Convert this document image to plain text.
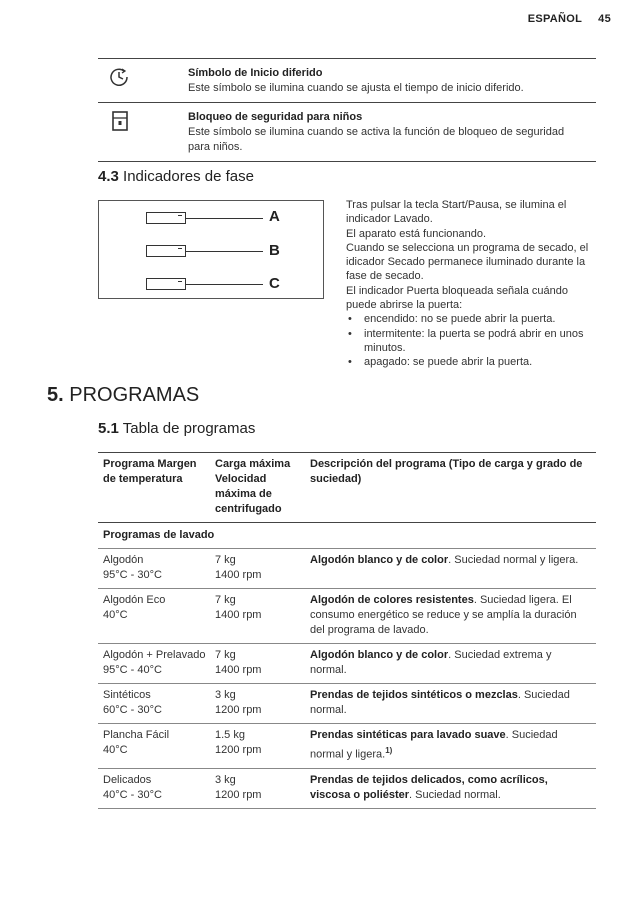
ESPAÑOL 45
Símbolo de Inicio diferido

Este símbolo se ilumina cuando se ajusta el tiempo de inicio diferido.

Bloqueo de seguridad para niños

Este símbolo se ilumina cuando se activa la función de bloqueo de seguridad para niños.

4.3 Indicadores de fase
A
B
C

Tras pulsar la tecla Start/Pausa, se ilumina el indicador Lavado.

El aparato está funcionando.

Cuando se selecciona un programa de secado, el idicador Secado permanece iluminado durante la fase de secado.

El indicador Puerta bloqueada señala cuándo puede abrirse la puerta:

• encendido: no se puede abrir la puerta.
• intermitente: la puerta se podrá abrir en unos minutos.
• apagado: se puede abrir la puerta.
5. PROGRAMAS
5.1 Tabla de programas
Programa Margen de temperatura
Carga máxima Velocidad máxima de centrifugado
Descripción del programa (Tipo de carga y grado de suciedad)
Programas de lavado
Algodón
95°C - 30°C
7 kg
1400 rpm
Algodón blanco y de color. Suciedad normal y ligera.
Algodón Eco
40°C
7 kg
1400 rpm
Algodón de colores resistentes. Suciedad ligera. El consumo energético se reduce y se amplía la duración del programa de lavado.
Algodón + Prelavado
95°C - 40°C
7 kg
1400 rpm
Algodón blanco y de color. Suciedad extrema y normal.
Sintéticos
60°C - 30°C
3 kg
1200 rpm
Prendas de tejidos sintéticos o mezclas. Suciedad normal.
Plancha Fácil
40°C
1.5 kg
1200 rpm
Prendas sintéticas para lavado suave. Suciedad normal y ligera.$^{1)}$
Delicados
40°C - 30°C
3 kg
1200 rpm
Prendas de tejidos delicados, como acrílicos, viscosa o poliéster. Suciedad normal.
